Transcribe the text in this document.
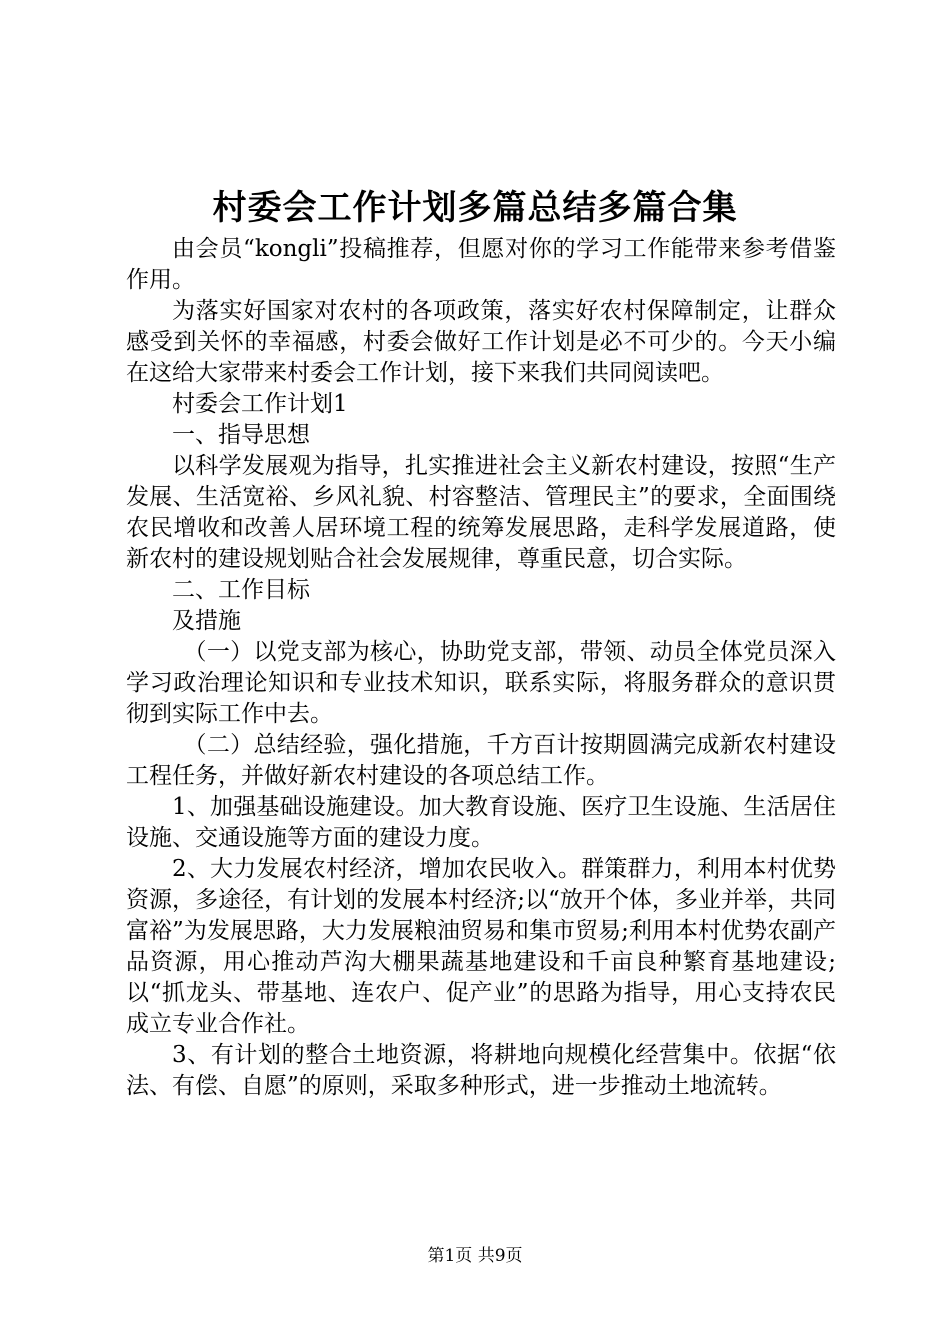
村委会工作计划多篇总结多篇合集

由会员“kongli”投稿推荐，但愿对你的学习工作能带来参考借鉴作用。

为落实好国家对农村的各项政策，落实好农村保障制定，让群众感受到关怀的幸福感，村委会做好工作计划是必不可少的。今天小编在这给大家带来村委会工作计划，接下来我们共同阅读吧。

村委会工作计划1

一、指导思想

以科学发展观为指导，扎实推进社会主义新农村建设，按照“生产发展、生活宽裕、乡风礼貌、村容整洁、管理民主”的要求，全面围绕农民增收和改善人居环境工程的统筹发展思路，走科学发展道路，使新农村的建设规划贴合社会发展规律，尊重民意，切合实际。

二、工作目标

及措施

（一）以党支部为核心，协助党支部，带领、动员全体党员深入学习政治理论知识和专业技术知识，联系实际，将服务群众的意识贯彻到实际工作中去。

（二）总结经验，强化措施，千方百计按期圆满完成新农村建设工程任务，并做好新农村建设的各项总结工作。

1、加强基础设施建设。加大教育设施、医疗卫生设施、生活居住设施、交通设施等方面的建设力度。

2、大力发展农村经济，增加农民收入。群策群力，利用本村优势资源，多途径，有计划的发展本村经济;以“放开个体，多业并举，共同富裕”为发展思路，大力发展粮油贸易和集市贸易;利用本村优势农副产品资源，用心推动芦沟大棚果蔬基地建设和千亩良种繁育基地建设;以“抓龙头、带基地、连农户、促产业”的思路为指导，用心支持农民成立专业合作社。

3、有计划的整合土地资源，将耕地向规模化经营集中。依据“依法、有偿、自愿”的原则，采取多种形式，进一步推动土地流转。

第1页 共9页
